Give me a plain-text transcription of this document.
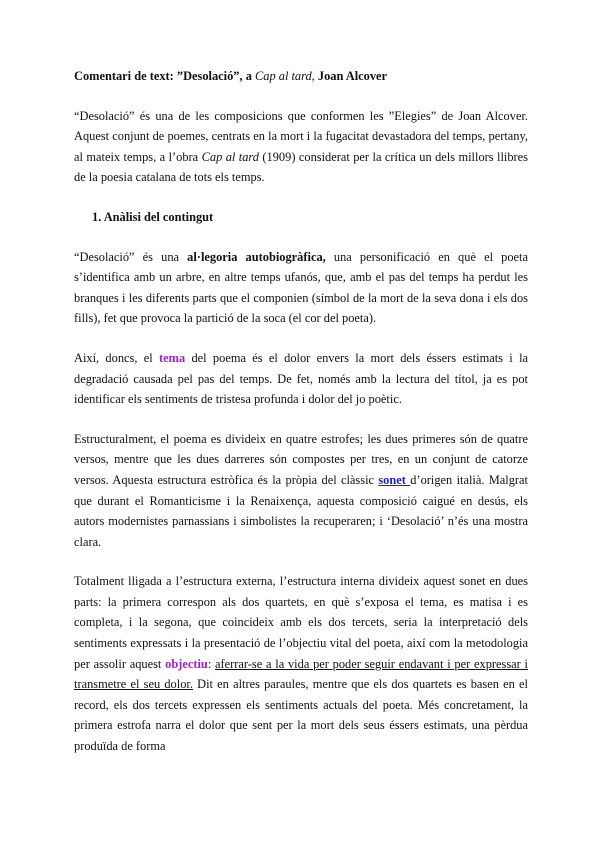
Comentari de text: ”Desolació”, a Cap al tard, Joan Alcover

“Desolació” és una de les composicions que conformen les ”Elegies” de Joan Alcover. Aquest conjunt de poemes, centrats en la mort i la fugacitat devastadora del temps, pertany, al mateix temps, a l’obra Cap al tard (1909) considerat per la crítica un dels millors llibres de la poesia catalana de tots els temps.

1. Anàlisi del contingut

“Desolació” és una al·legoria autobiogràfica, una personificació en què el poeta s’identifica amb un arbre, en altre temps ufanós, que, amb el pas del temps ha perdut les branques i les diferents parts que el componien (símbol de la mort de la seva dona i els dos fills), fet que provoca la partició de la soca (el cor del poeta).

Així, doncs, el tema del poema és el dolor envers la mort dels éssers estimats i la degradació causada pel pas del temps. De fet, només amb la lectura del títol, ja es pot identificar els sentiments de tristesa profunda i dolor del jo poètic.

Estructuralment, el poema es divideix en quatre estrofes; les dues primeres són de quatre versos, mentre que les dues darreres són compostes per tres, en un conjunt de catorze versos. Aquesta estructura estròfica és la pròpia del clàssic sonet d’origen italià. Malgrat que durant el Romanticisme i la Renaixença, aquesta composició caigué en desús, els autors modernistes parnassians i simbolistes la recuperaren; i ‘Desolació’ n’és una mostra clara.

Totalment lligada a l’estructura externa, l’estructura interna divideix aquest sonet en dues parts: la primera correspon als dos quartets, en què s’exposa el tema, es matisa i es completa, i la segona, que coincideix amb els dos tercets, seria la interpretació dels sentiments expressats i la presentació de l’objectiu vital del poeta, així com la metodologia per assolir aquest objectiu: aferrar-se a la vida per poder seguir endavant i per expressar i transmetre el seu dolor. Dit en altres paraules, mentre que els dos quartets es basen en el record, els dos tercets expressen els sentiments actuals del poeta. Més concretament, la primera estrofa narra el dolor que sent per la mort dels seus éssers estimats, una pèrdua produïda de forma
